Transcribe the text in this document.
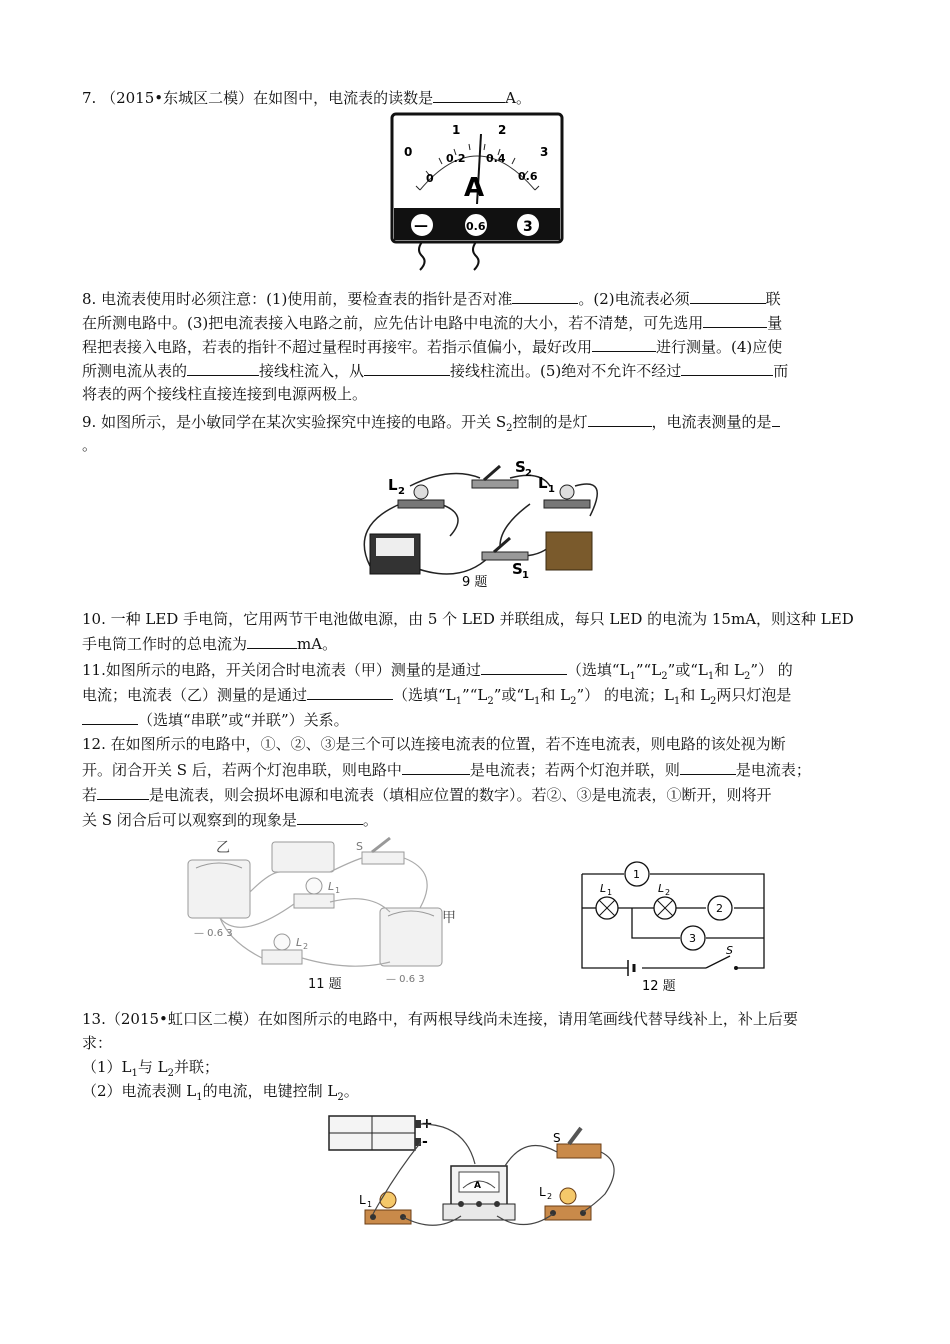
7. （2015•东城区二模）在如图中，电流表的读数是	A。
1	2
3
0
0
0.2 0.4
0.6
A
—	0.6	3
8. 电流表使用时必须注意：(1)使用前，要检查表的指针是否对准	。(2)电流表必须	联
在所测电路中。(3)把电流表接入电路之前，应先估计电路中电流的大小，若不清楚，可先选用	量
程把表接入电路，若表的指针不超过量程时再接牢。若指示值偏小，最好改用	进行测量。(4)应使
所测电流从表的	接线柱流入，从	接线柱流出。(5)绝对不允许不经过	而
将表的两个接线柱直接连接到电源两极上。
9. 如图所示，是小敏同学在某次实验探究中连接的电路。开关 $S_2$控制的是灯	，电流表测量的是
。
L 2	L 1
S 2
S 1
9 题
10. 一种 LED 手电筒，它用两节干电池做电源，由 5 个 LED 并联组成，每只 LED 的电流为 15mA，则这种 LED
手电筒工作时的总电流为	mA。
11.如图所示的电路，开关闭合时电流表（甲）测量的是通过	（选填“$L_1”“L_2$”或“$L_1$和 $L_2$”） 的
电流；电流表（乙）测量的是通过	（选填“$L_1”“L_2$”或“$L_1$和 $L_2$”） 的电流；$L_1$和 $L_2$两只灯泡是
（选填“串联”或“并联”）关系。
12. 在如图所示的电路中，①、②、③是三个可以连接电流表的位置，若不连电流表，则电路的该处视为断
开。闭合开关 S 后，若两个灯泡串联，则电路中	是电流表；若两个灯泡并联，则	是电流表；
若	是电流表，则会损坏电源和电流表（填相应位置的数字）。若②、③是电流表，①断开，则将开
关 S 闭合后可以观察到的现象是	。
乙
甲
— 0.6 3
— 0.6 3
S
L 1
L 2
11 题
1
2
3
L 1	L 2
S
12 题
13.（2015•虹口区二模）在如图所示的电路中，有两根导线尚未连接，请用笔画线代替导线补上，补上后要
求：
$(1)L_1$与 $L_2$并联；
（2）电流表测 $L_1$的电流，电键控制 $L_2$。
+
-
A
S
L 1
L 2
